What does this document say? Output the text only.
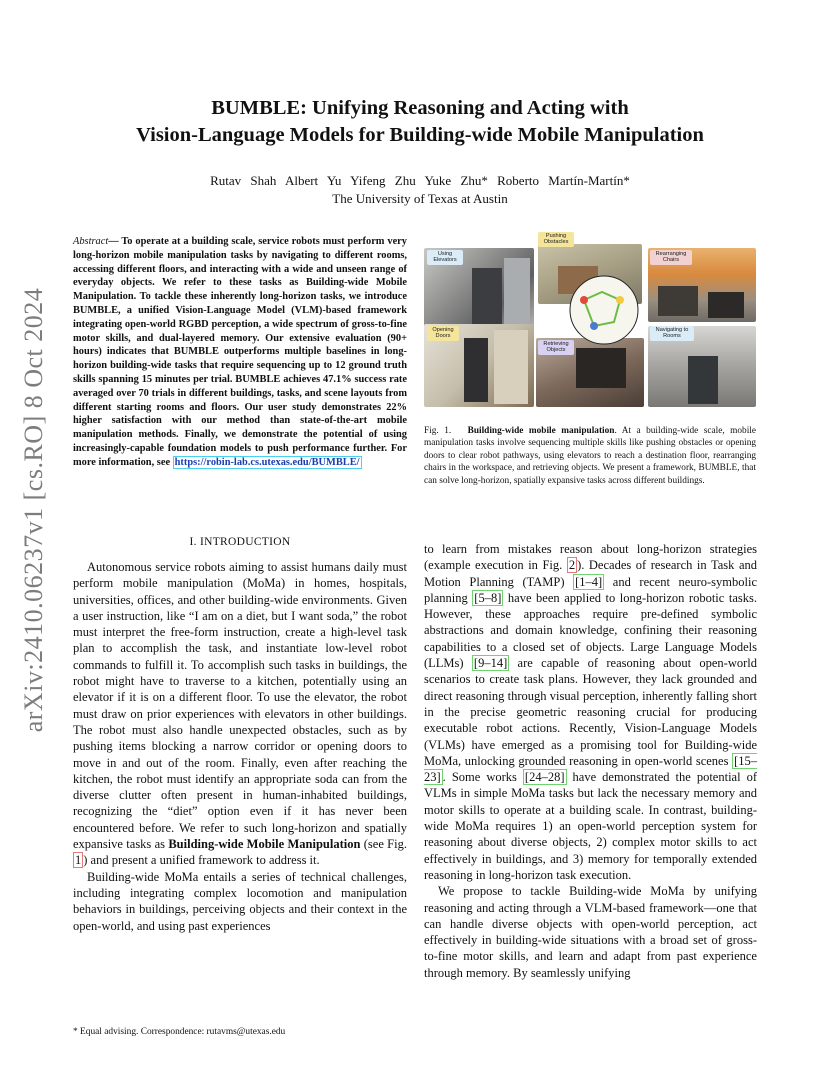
arXiv:2410.06237v1 [cs.RO] 8 Oct 2024
BUMBLE: Unifying Reasoning and Acting with
Vision-Language Models for Building-wide Mobile Manipulation
Rutav Shah Albert Yu Yifeng Zhu Yuke Zhu* Roberto Martín-Martín*
The University of Texas at Austin
Abstract— To operate at a building scale, service robots must perform very long-horizon mobile manipulation tasks by navigating to different rooms, accessing different floors, and interacting with a wide and unseen range of everyday objects. We refer to these tasks as Building-wide Mobile Manipulation. To tackle these inherently long-horizon tasks, we introduce BUMBLE, a unified Vision-Language Model (VLM)-based framework integrating open-world RGBD perception, a wide spectrum of gross-to-fine motor skills, and dual-layered memory. Our extensive evaluation (90+ hours) indicates that BUMBLE outperforms multiple baselines in long-horizon building-wide tasks that require sequencing up to 12 ground truth skills spanning 15 minutes per trial. BUMBLE achieves 47.1% success rate averaged over 70 trials in different buildings, tasks, and scene layouts from different starting rooms and floors. Our user study demonstrates 22% higher satisfaction with our method than state-of-the-art mobile manipulation methods. Finally, we demonstrate the potential of using increasingly-capable foundation models to push performance further. For more information, see https://robin-lab.cs.utexas.edu/BUMBLE/
Using Elevators
Pushing Obstacles
Rearranging Chairs
Opening Doors
Retrieving Objects
Navigating to Rooms
Fig. 1. Building-wide mobile manipulation. At a building-wide scale, mobile manipulation tasks involve sequencing multiple skills like pushing obstacles or opening doors to clear robot pathways, using elevators to reach a destination floor, rearranging chairs in the workspace, and retrieving objects. We present a framework, BUMBLE, that can solve long-horizon, spatially expansive tasks across different buildings.
I. INTRODUCTION

Autonomous service robots aiming to assist humans daily must perform mobile manipulation (MoMa) in homes, hospitals, universities, offices, and other building-wide environments. Given a user instruction, like “I am on a diet, but I want soda,” the robot must interpret the free-form instruction, create a high-level task plan to accomplish the task, and instantiate low-level robot commands to fulfill it. To accomplish such tasks in buildings, the robot might have to traverse to a kitchen, potentially using an elevator if it is on a different floor. To use the elevator, the robot must draw on prior experiences with elevators in other buildings. The robot must also handle unexpected obstacles, such as by pushing items blocking a narrow corridor or opening doors to move in and out of the room. Finally, even after reaching the kitchen, the robot must identify an appropriate soda can from the diverse clutter often present in human-inhabited buildings, recognizing the “diet” option even if it has never been encountered before. We refer to such long-horizon and spatially expansive tasks as Building-wide Mobile Manipulation (see Fig. 1 ) and present a unified framework to address it.

Building-wide MoMa entails a series of technical challenges, including integrating complex locomotion and manipulation behaviors in buildings, perceiving objects and their context in the open-world, and using past experiences

to learn from mistakes reason about long-horizon strategies (example execution in Fig. 2 ). Decades of research in Task and Motion Planning (TAMP) [1–4] and recent neuro-symbolic planning [5–8] have been applied to long-horizon robotic tasks. However, these approaches require pre-defined symbolic abstractions and domain knowledge, confining their reasoning capabilities to a closed set of objects. Large Language Models (LLMs) [9–14] are capable of reasoning about open-world scenarios to create task plans. However, they lack grounded and direct reasoning through visual perception, inherently falling short in the precise geometric reasoning crucial for producing executable robot actions. Recently, Vision-Language Models (VLMs) have emerged as a promising tool for Building-wide MoMa, unlocking grounded reasoning in open-world scenes [15–23] . Some works [24–28] have demonstrated the potential of VLMs in simple MoMa tasks but lack the necessary memory and motor skills to operate at a building scale. In contrast, building-wide MoMa requires 1) an open-world perception system for reasoning about diverse objects, 2) complex motor skills to act effectively in buildings, and 3) memory for temporally extended reasoning in long-horizon task execution.

We propose to tackle Building-wide MoMa by unifying reasoning and acting through a VLM-based framework—one that can handle diverse objects with open-world perception, act effectively in building-wide situations with a broad set of gross-to-fine motor skills, and learn and adapt from past experience through memory. By seamlessly unifying

* Equal advising. Correspondence: rutavms@utexas.edu
